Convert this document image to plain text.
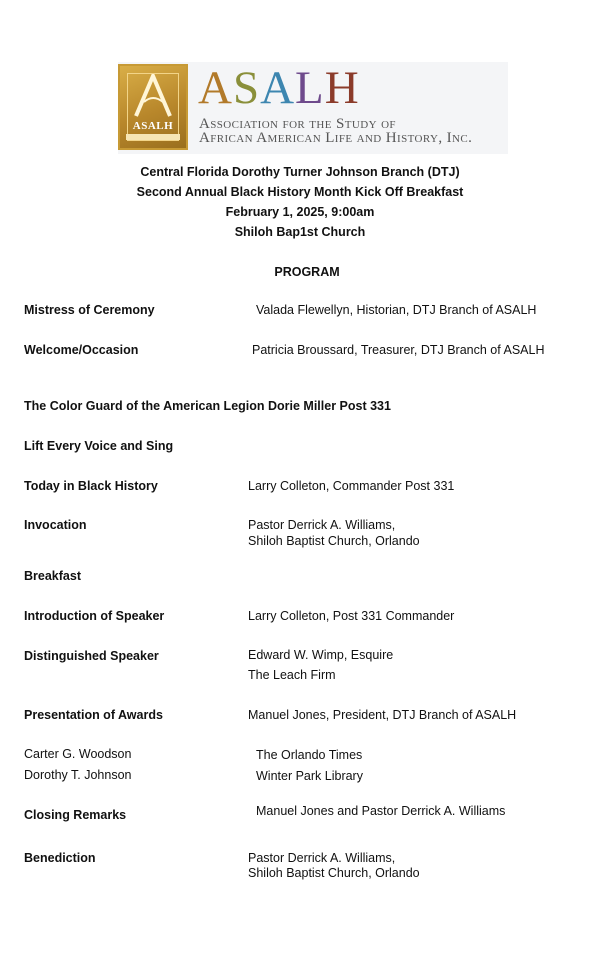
ASALH
ASALH
Association for the Study of
African American Life and History, Inc.
Central Florida Dorothy Turner Johnson Branch (DTJ)
Second Annual Black History Month Kick Off Breakfast
February 1, 2025, 9:00am
Shiloh Bap1st Church
PROGRAM
Mistress of Ceremony	Valada Flewellyn, Historian, DTJ Branch of ASALH
Welcome/Occasion	Patricia Broussard, Treasurer, DTJ Branch of ASALH
The Color Guard of the American Legion Dorie Miller Post 331
Lift Every Voice and Sing
Today in Black History	Larry Colleton, Commander Post 331
Invocation	Pastor Derrick A. Williams,
Shiloh Baptist Church, Orlando
Breakfast
Introduction of Speaker	Larry Colleton, Post 331 Commander
Distinguished Speaker	Edward W. Wimp, Esquire
The Leach Firm
Presentation of Awards	Manuel Jones, President, DTJ Branch of ASALH
Carter G. Woodson	The Orlando Times
Dorothy T. Johnson	Winter Park Library
Closing Remarks	Manuel Jones and Pastor Derrick A. Williams
Benediction	Pastor Derrick A. Williams,
Shiloh Baptist Church, Orlando
